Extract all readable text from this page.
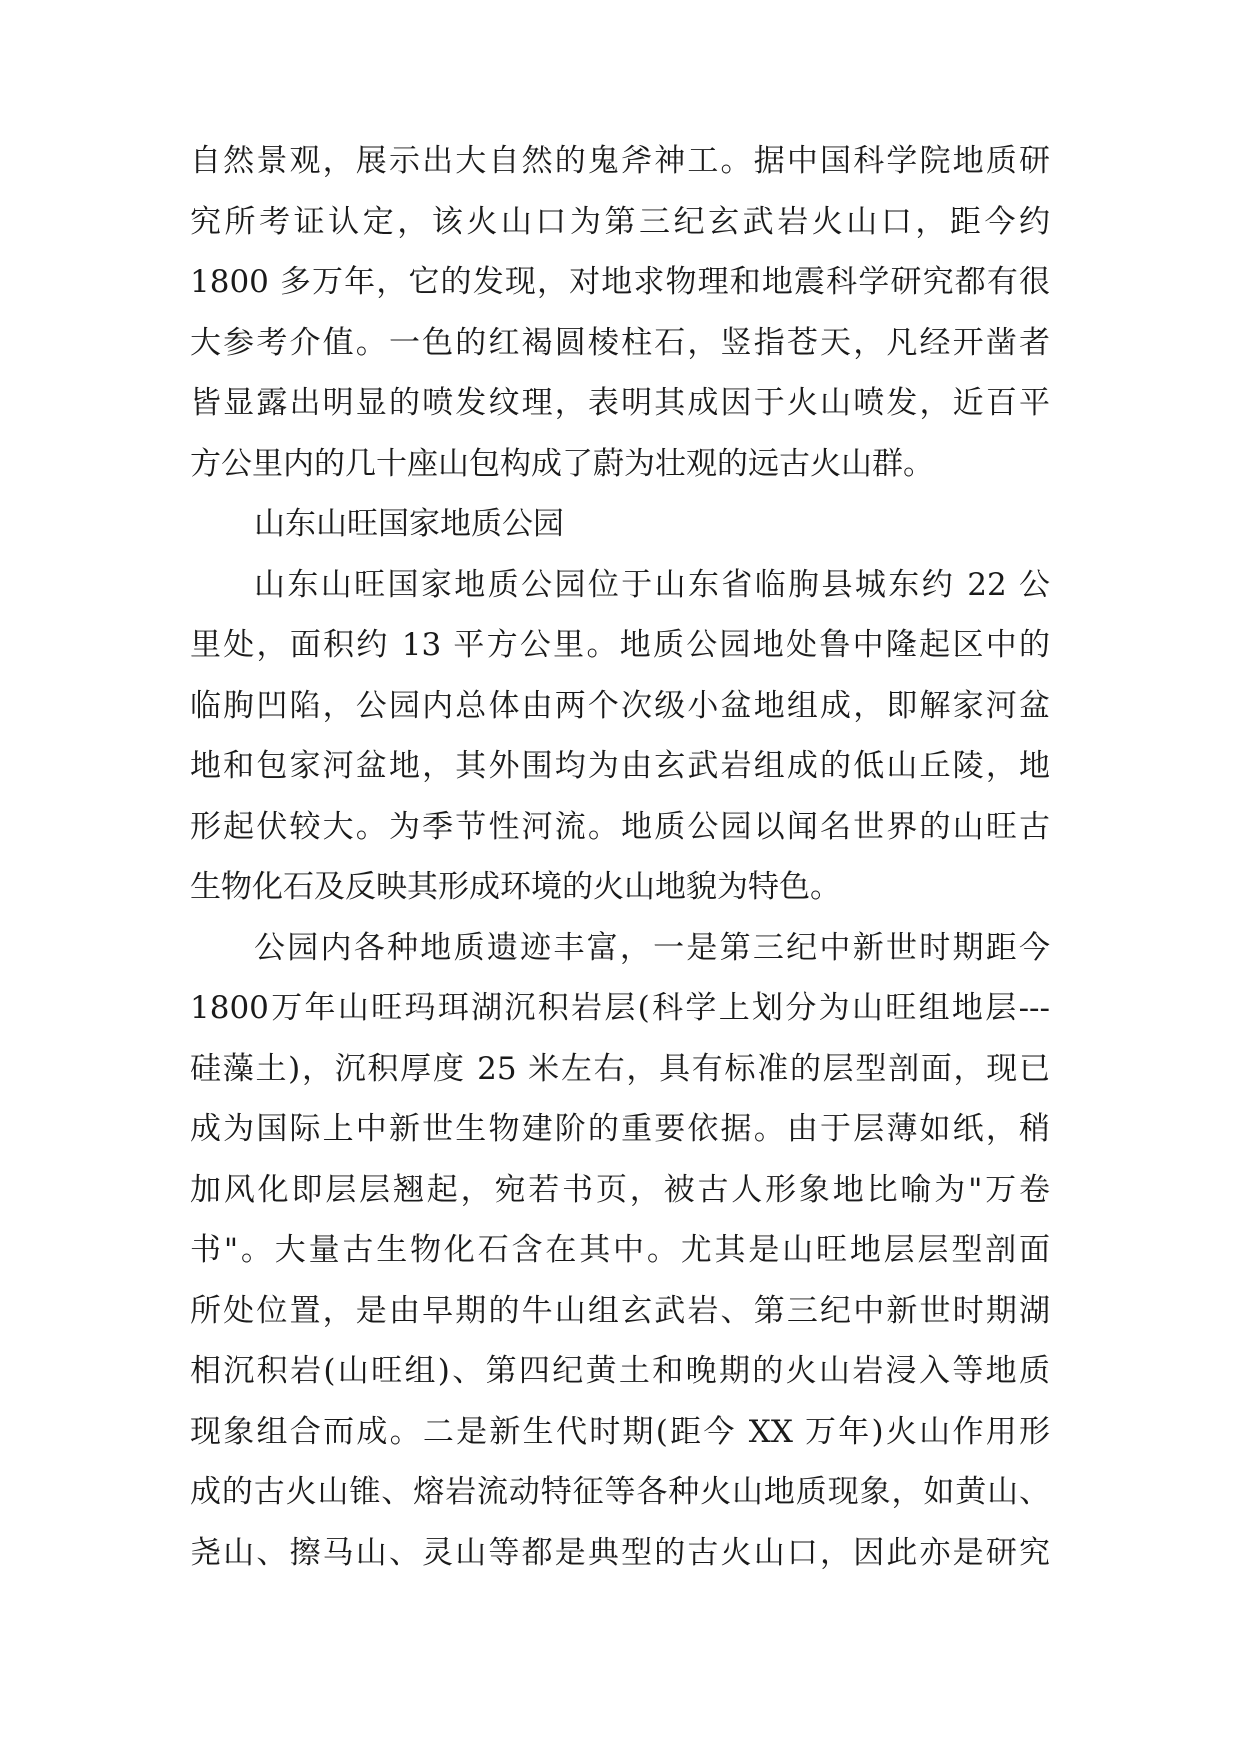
自然景观，展示出大自然的鬼斧神工。据中国科学院地质研
究所考证认定，该火山口为第三纪玄武岩火山口，距今约
1800 多万年，它的发现，对地求物理和地震科学研究都有很
大参考介值。一色的红褐圆棱柱石，竖指苍天，凡经开凿者
皆显露出明显的喷发纹理，表明其成因于火山喷发，近百平
方公里内的几十座山包构成了蔚为壮观的远古火山群。
山东山旺国家地质公园
山东山旺国家地质公园位于山东省临朐县城东约 22 公
里处，面积约 13 平方公里。地质公园地处鲁中隆起区中的
临朐凹陷，公园内总体由两个次级小盆地组成，即解家河盆
地和包家河盆地，其外围均为由玄武岩组成的低山丘陵，地
形起伏较大。为季节性河流。地质公园以闻名世界的山旺古
生物化石及反映其形成环境的火山地貌为特色。
公园内各种地质遗迹丰富，一是第三纪中新世时期距今
1800万年山旺玛珥湖沉积岩层(科学上划分为山旺组地层---
硅藻土)，沉积厚度 25 米左右，具有标准的层型剖面，现已
成为国际上中新世生物建阶的重要依据。由于层薄如纸，稍
加风化即层层翘起，宛若书页，被古人形象地比喻为"万卷
书"。大量古生物化石含在其中。尤其是山旺地层层型剖面
所处位置，是由早期的牛山组玄武岩、第三纪中新世时期湖
相沉积岩(山旺组)、第四纪黄土和晚期的火山岩浸入等地质
现象组合而成。二是新生代时期(距今 XX 万年)火山作用形
成的古火山锥、熔岩流动特征等各种火山地质现象，如黄山、
尧山、擦马山、灵山等都是典型的古火山口，因此亦是研究
